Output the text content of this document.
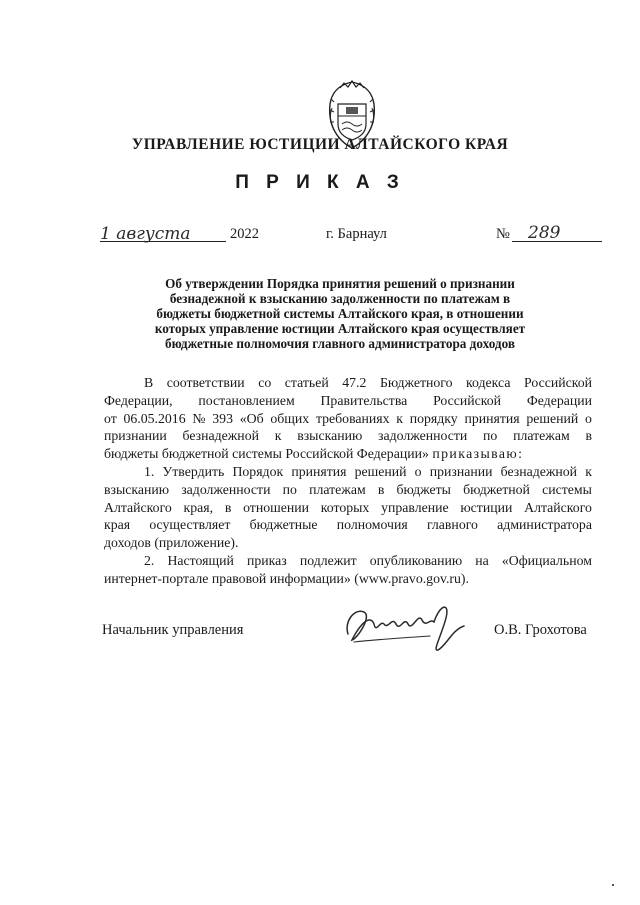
УПРАВЛЕНИЕ ЮСТИЦИИ АЛТАЙСКОГО КРАЯ
П Р И К А З
1 августа	2022	г. Барнаул	№ 289
Об утверждении Порядка принятия решений о признании
безнадежной к взысканию задолженности по платежам в
бюджеты бюджетной системы Алтайского края, в отношении
которых управление юстиции Алтайского края осуществляет
бюджетные полномочия главного администратора доходов
В соответствии со статьей 47.2 Бюджетного кодекса Российской
Федерации, постановлением Правительства Российской Федерации
от 06.05.2016 № 393 «Об общих требованиях к порядку принятия решений о
признании безнадежной к взысканию задолженности по платежам в
бюджеты бюджетной системы Российской Федерации»
приказываю:
1. Утвердить Порядок принятия решений о признании безнадежной к
взысканию задолженности по платежам в бюджеты бюджетной системы
Алтайского края, в отношении которых управление юстиции Алтайского
края осуществляет бюджетные полномочия главного администратора
доходов (приложение).
2. Настоящий приказ подлежит опубликованию на «Официальном
интернет-портале правовой информации» (www.pravo.gov.ru).
Начальник управления	О.В. Грохотова
